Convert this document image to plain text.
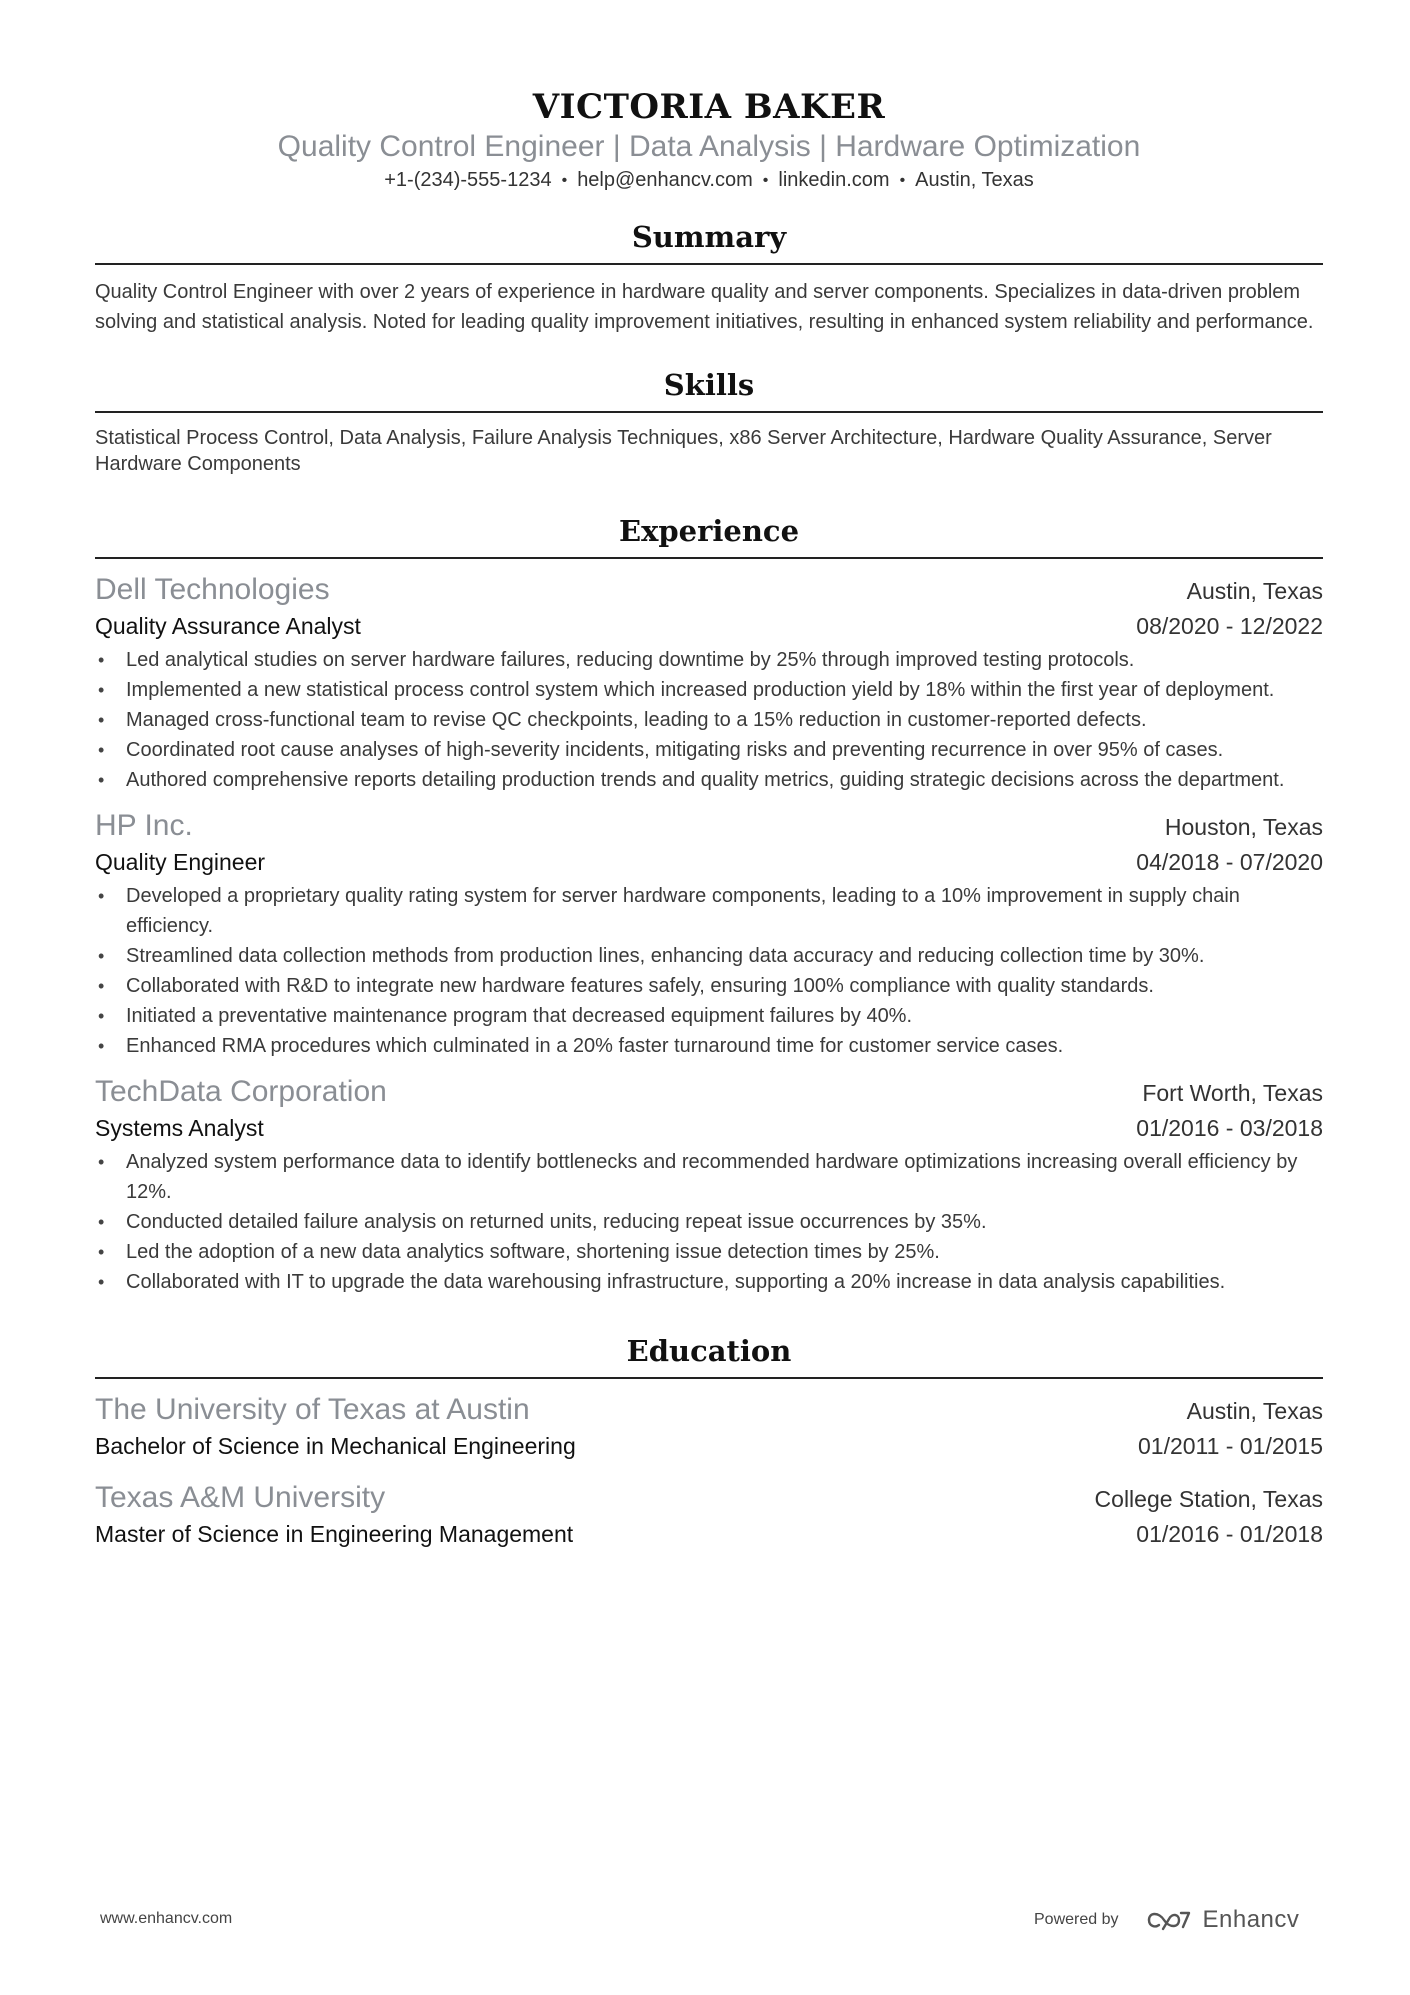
VICTORIA BAKER
Quality Control Engineer | Data Analysis | Hardware Optimization
+1-(234)-555-1234 • help@enhancv.com • linkedin.com • Austin, Texas
Summary
Quality Control Engineer with over 2 years of experience in hardware quality and server components. Specializes in data-driven problem solving and statistical analysis. Noted for leading quality improvement initiatives, resulting in enhanced system reliability and performance.
Skills
Statistical Process Control, Data Analysis, Failure Analysis Techniques, x86 Server Architecture, Hardware Quality Assurance, Server Hardware Components
Experience
Dell Technologies	Austin, Texas
Quality Assurance Analyst	08/2020 - 12/2022
• Led analytical studies on server hardware failures, reducing downtime by 25% through improved testing protocols.
• Implemented a new statistical process control system which increased production yield by 18% within the first year of deployment.
• Managed cross-functional team to revise QC checkpoints, leading to a 15% reduction in customer-reported defects.
• Coordinated root cause analyses of high-severity incidents, mitigating risks and preventing recurrence in over 95% of cases.
• Authored comprehensive reports detailing production trends and quality metrics, guiding strategic decisions across the department.
HP Inc.	Houston, Texas
Quality Engineer	04/2018 - 07/2020
• Developed a proprietary quality rating system for server hardware components, leading to a 10% improvement in supply chain efficiency.
• Streamlined data collection methods from production lines, enhancing data accuracy and reducing collection time by 30%.
• Collaborated with R&D to integrate new hardware features safely, ensuring 100% compliance with quality standards.
• Initiated a preventative maintenance program that decreased equipment failures by 40%.
• Enhanced RMA procedures which culminated in a 20% faster turnaround time for customer service cases.
TechData Corporation	Fort Worth, Texas
Systems Analyst	01/2016 - 03/2018
• Analyzed system performance data to identify bottlenecks and recommended hardware optimizations increasing overall efficiency by 12%.
• Conducted detailed failure analysis on returned units, reducing repeat issue occurrences by 35%.
• Led the adoption of a new data analytics software, shortening issue detection times by 25%.
• Collaborated with IT to upgrade the data warehousing infrastructure, supporting a 20% increase in data analysis capabilities.
Education
The University of Texas at Austin	Austin, Texas
Bachelor of Science in Mechanical Engineering	01/2011 - 01/2015
Texas A&M University	College Station, Texas
Master of Science in Engineering Management	01/2016 - 01/2018
www.enhancv.com	Powered by	Enhancv
